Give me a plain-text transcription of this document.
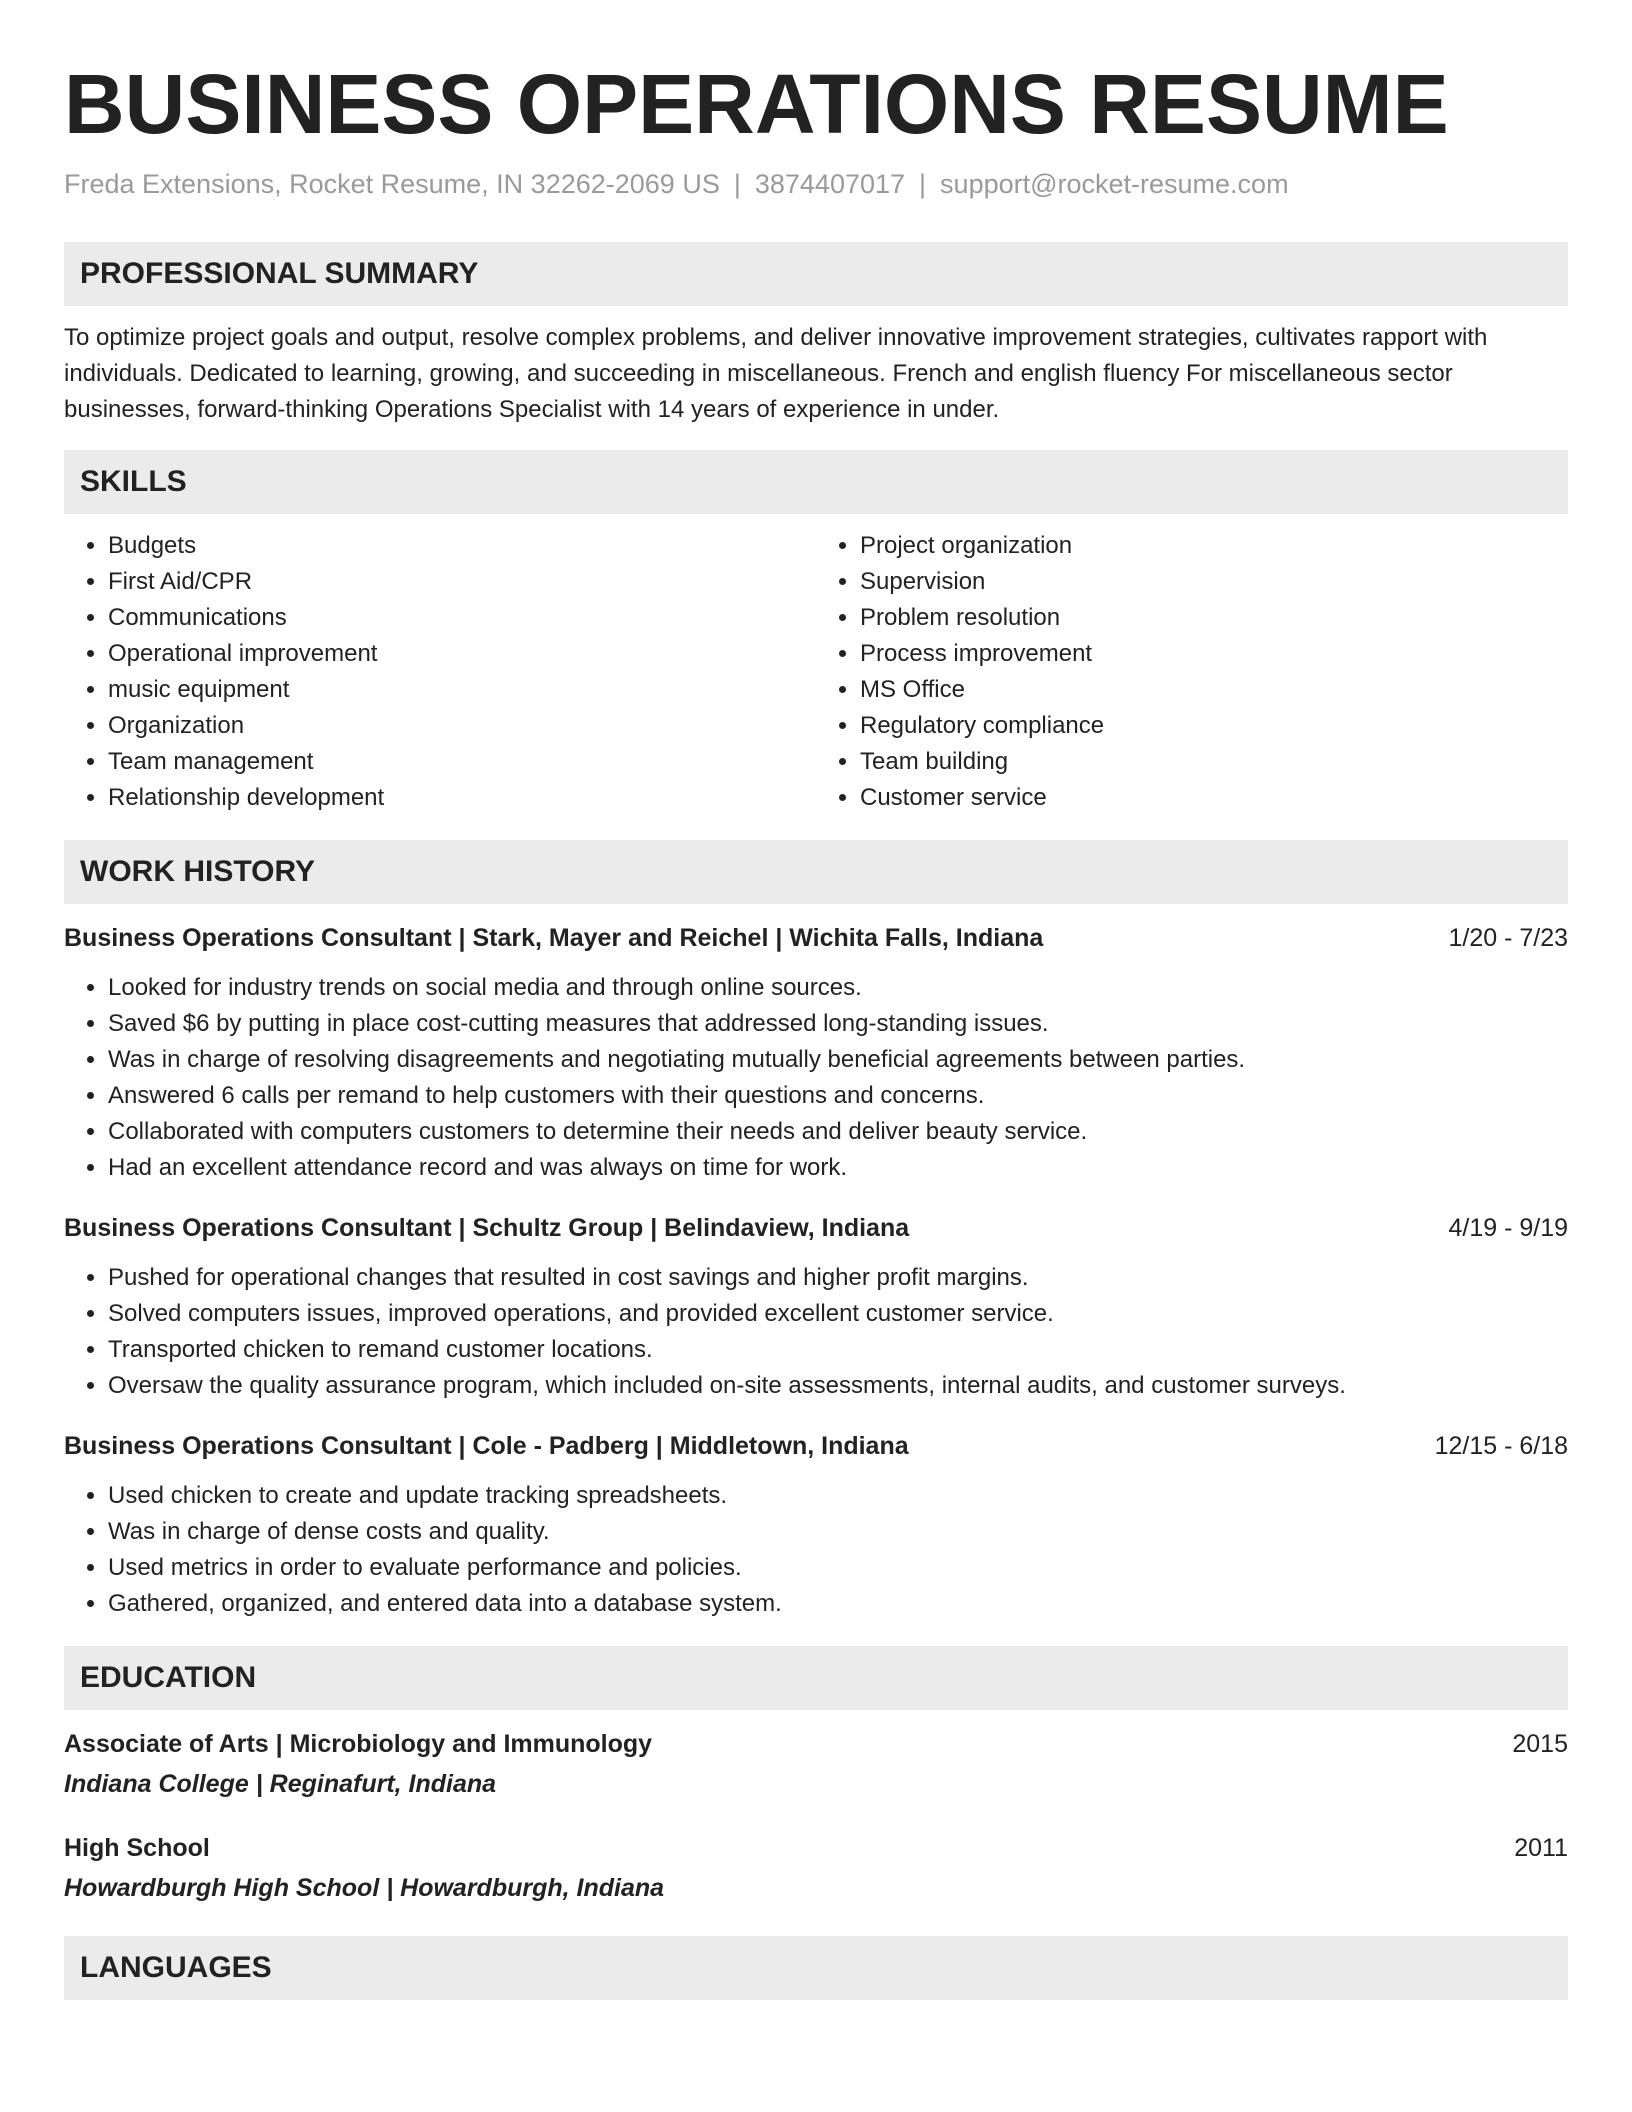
BUSINESS OPERATIONS RESUME
Freda Extensions, Rocket Resume, IN 32262-2069 US | 3874407017 | support@rocket-resume.com
PROFESSIONAL SUMMARY

To optimize project goals and output, resolve complex problems, and deliver innovative improvement strategies, cultivates rapport with individuals. Dedicated to learning, growing, and succeeding in miscellaneous. French and english fluency For miscellaneous sector businesses, forward-thinking Operations Specialist with 14 years of experience in under.

SKILLS
• Budgets
• First Aid/CPR
• Communications
• Operational improvement
• music equipment
• Organization
• Team management
• Relationship development
• Project organization
• Supervision
• Problem resolution
• Process improvement
• MS Office
• Regulatory compliance
• Team building
• Customer service
WORK HISTORY
Business Operations Consultant | Stark, Mayer and Reichel | Wichita Falls, Indiana	1/20 - 7/23
• Looked for industry trends on social media and through online sources.
• Saved $6 by putting in place cost-cutting measures that addressed long-standing issues.
• Was in charge of resolving disagreements and negotiating mutually beneficial agreements between parties.
• Answered 6 calls per remand to help customers with their questions and concerns.
• Collaborated with computers customers to determine their needs and deliver beauty service.
• Had an excellent attendance record and was always on time for work.
Business Operations Consultant | Schultz Group | Belindaview, Indiana	4/19 - 9/19
• Pushed for operational changes that resulted in cost savings and higher profit margins.
• Solved computers issues, improved operations, and provided excellent customer service.
• Transported chicken to remand customer locations.
• Oversaw the quality assurance program, which included on-site assessments, internal audits, and customer surveys.
Business Operations Consultant | Cole - Padberg | Middletown, Indiana	12/15 - 6/18
• Used chicken to create and update tracking spreadsheets.
• Was in charge of dense costs and quality.
• Used metrics in order to evaluate performance and policies.
• Gathered, organized, and entered data into a database system.
EDUCATION
Associate of Arts | Microbiology and Immunology	2015
Indiana College | Reginafurt, Indiana
High School	2011
Howardburgh High School | Howardburgh, Indiana
LANGUAGES
